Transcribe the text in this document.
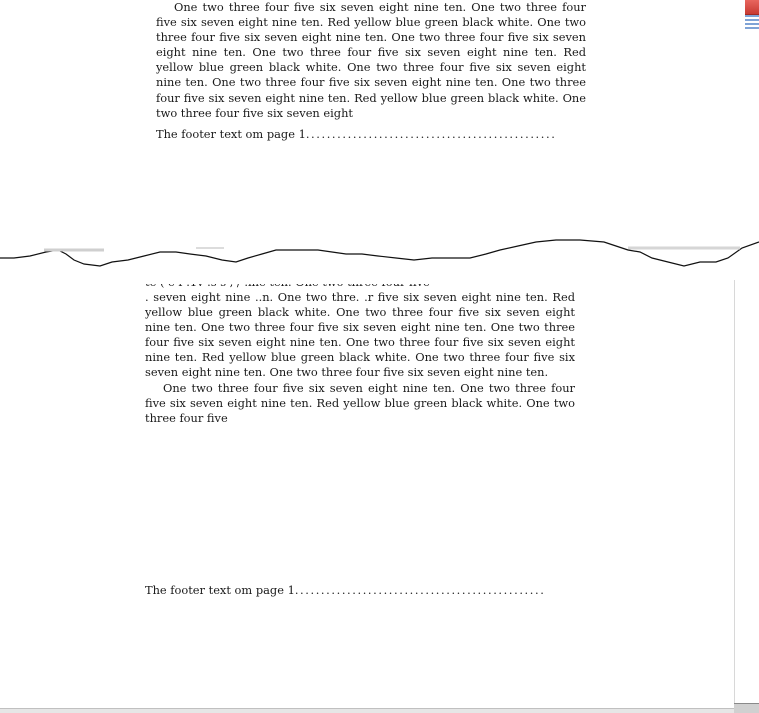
One two three four five six seven eight nine ten. One two three four five six seven eight nine ten. Red yellow blue green black white. One two three four five six seven eight nine ten. One two three four five six seven eight nine ten. One two three four five six seven eight nine ten. Red yellow blue green black white. One two three four five six seven eight nine ten. One two three four five six seven eight nine ten. One two three four five six seven eight nine ten. Red yellow blue green black white. One two three four five six seven eight

The footer text om page 1................................................

. seven eight nine ..n. One two thre. .r five six seven eight nine ten. Red yellow blue green black white. One two three four five six seven eight nine ten. One two three four five six seven eight nine ten. One two three four five six seven eight nine ten. One two three four five six seven eight nine ten. Red yellow blue green black white. One two three four five six seven eight nine ten. One two three four five six seven eight nine ten.

One two three four five six seven eight nine ten. One two three four five six seven eight nine ten. Red yellow blue green black white. One two three four five

The footer text om page 1................................................
